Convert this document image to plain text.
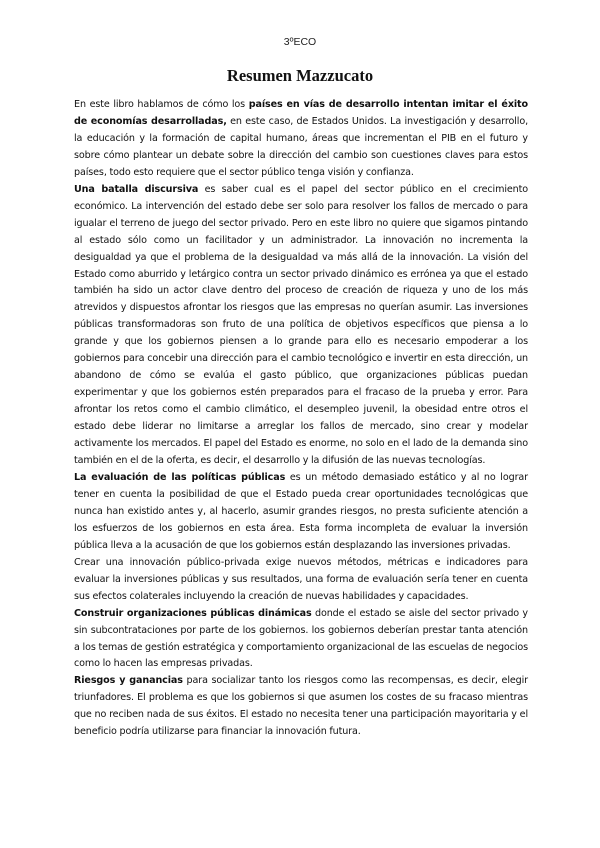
3ºECO
Resumen Mazzucato

En este libro hablamos de cómo los países en vías de desarrollo intentan imitar el éxito de economías desarrolladas, en este caso, de Estados Unidos. La investigación y desarrollo, la educación y la formación de capital humano, áreas que incrementan el PIB en el futuro y sobre cómo plantear un debate sobre la dirección del cambio son cuestiones claves para estos países, todo esto requiere que el sector público tenga visión y confianza.

Una batalla discursiva es saber cual es el papel del sector público en el crecimiento económico. La intervención del estado debe ser solo para resolver los fallos de mercado o para igualar el terreno de juego del sector privado. Pero en este libro no quiere que sigamos pintando al estado sólo como un facilitador y un administrador. La innovación no incrementa la desigualdad ya que el problema de la desigualdad va más allá de la innovación. La visión del Estado como aburrido y letárgico contra un sector privado dinámico es errónea ya que el estado también ha sido un actor clave dentro del proceso de creación de riqueza y uno de los más atrevidos y dispuestos afrontar los riesgos que las empresas no querían asumir. Las inversiones públicas transformadoras son fruto de una política de objetivos específicos que piensa a lo grande y que los gobiernos piensen a lo grande para ello es necesario empoderar a los gobiernos para concebir una dirección para el cambio tecnológico e invertir en esta dirección, un abandono de cómo se evalúa el gasto público, que organizaciones públicas puedan experimentar y que los gobiernos estén preparados para el fracaso de la prueba y error. Para afrontar los retos como el cambio climático, el desempleo juvenil, la obesidad entre otros el estado debe liderar no limitarse a arreglar los fallos de mercado, sino crear y modelar activamente los mercados. El papel del Estado es enorme, no solo en el lado de la demanda sino también en el de la oferta, es decir, el desarrollo y la difusión de las nuevas tecnologías.

La evaluación de las políticas públicas es un método demasiado estático y al no lograr tener en cuenta la posibilidad de que el Estado pueda crear oportunidades tecnológicas que nunca han existido antes y, al hacerlo, asumir grandes riesgos, no presta suficiente atención a los esfuerzos de los gobiernos en esta área. Esta forma incompleta de evaluar la inversión pública lleva a la acusación de que los gobiernos están desplazando las inversiones privadas.

Crear una innovación público-privada exige nuevos métodos, métricas e indicadores para evaluar la inversiones públicas y sus resultados, una forma de evaluación sería tener en cuenta sus efectos colaterales incluyendo la creación de nuevas habilidades y capacidades.

Construir organizaciones públicas dinámicas donde el estado se aisle del sector privado y sin subcontrataciones por parte de los gobiernos. los gobiernos deberían prestar tanta atención a los temas de gestión estratégica y comportamiento organizacional de las escuelas de negocios como lo hacen las empresas privadas.

Riesgos y ganancias para socializar tanto los riesgos como las recompensas, es decir, elegir triunfadores. El problema es que los gobiernos si que asumen los costes de su fracaso mientras que no reciben nada de sus éxitos. El estado no necesita tener una participación mayoritaria y el beneficio podría utilizarse para financiar la innovación futura.
